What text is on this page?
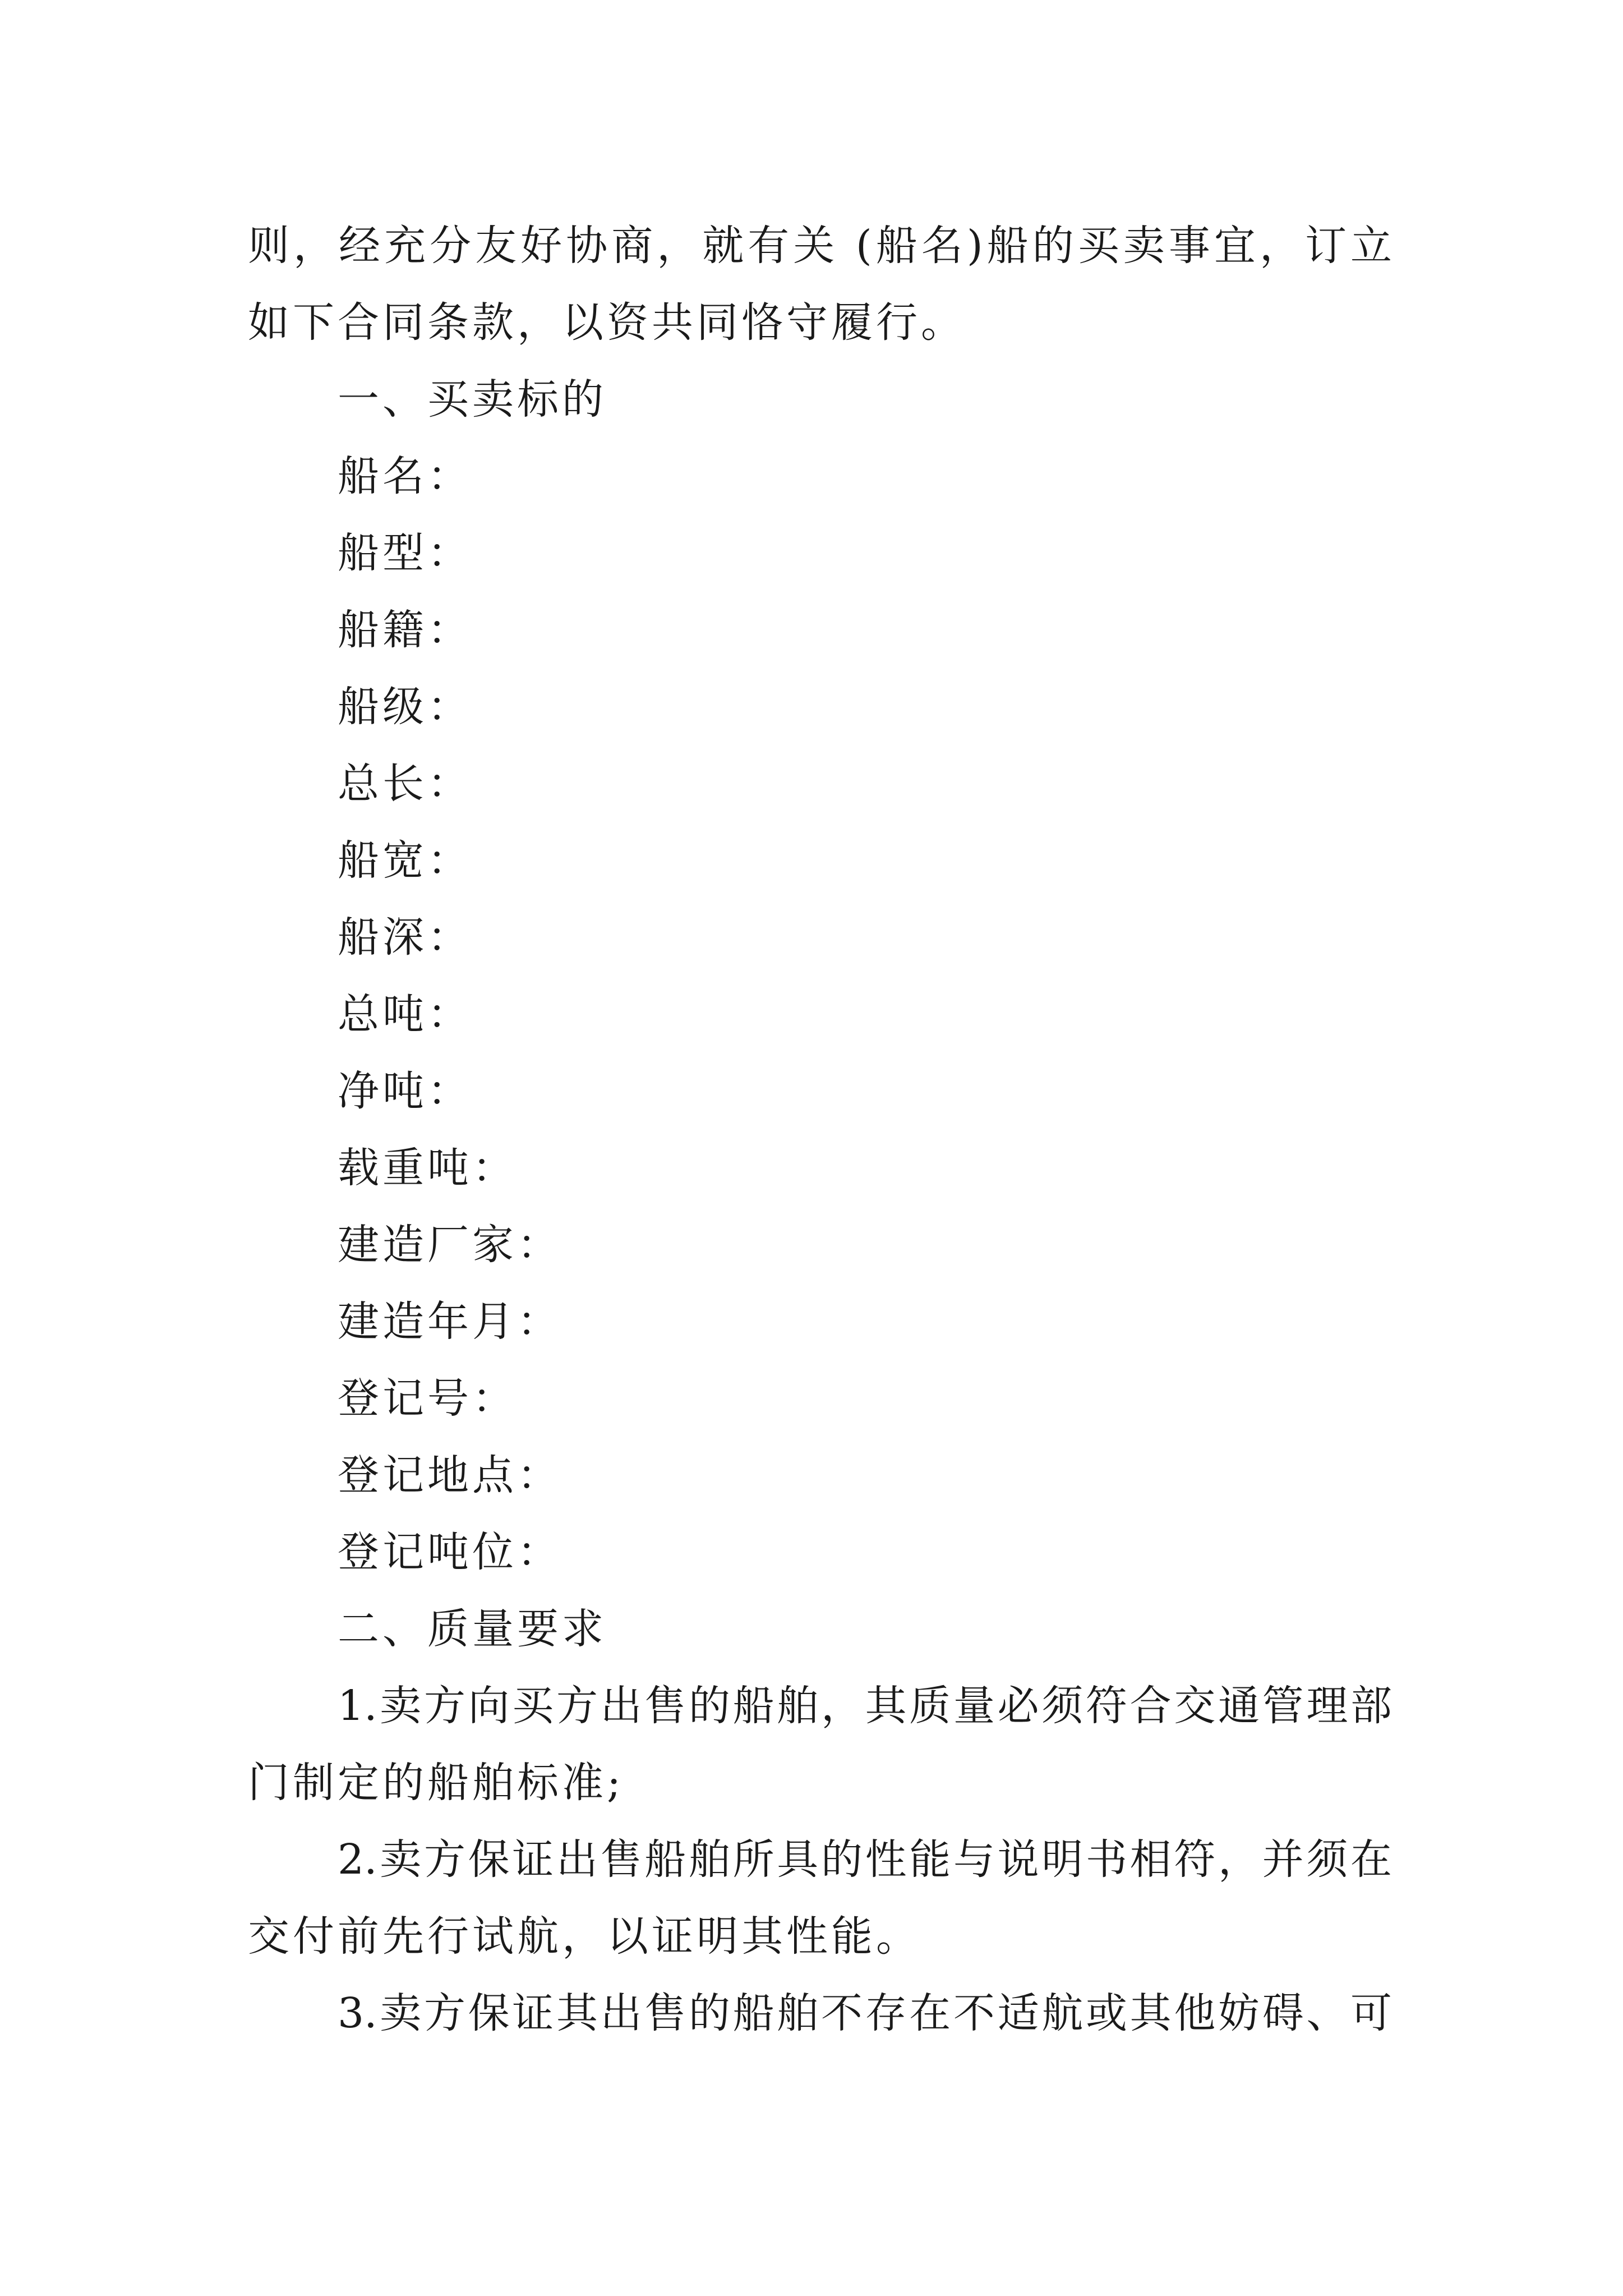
则，经充分友好协商，就有关 (船名)船的买卖事宜，订立
如下合同条款，以资共同恪守履行。
一、买卖标的
船名：
船型：
船籍：
船级：
总长：
船宽：
船深：
总吨：
净吨：
载重吨：
建造厂家：
建造年月：
登记号：
登记地点：
登记吨位：
二、质量要求
1.卖方向买方出售的船舶，其质量必须符合交通管理部
门制定的船舶标准;
2.卖方保证出售船舶所具的性能与说明书相符，并须在
交付前先行试航，以证明其性能。
3.卖方保证其出售的船舶不存在不适航或其他妨碍、可
